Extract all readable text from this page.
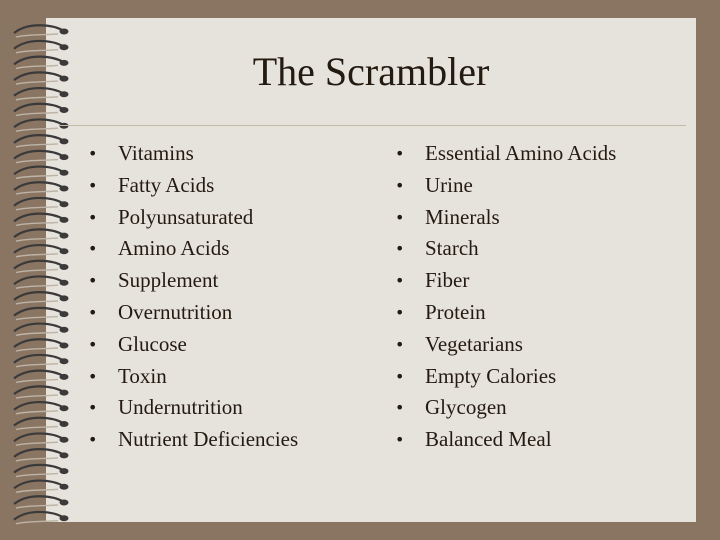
The Scrambler
• Vitamins
• Fatty Acids
• Polyunsaturated
• Amino Acids
• Supplement
• Overnutrition
• Glucose
• Toxin
• Undernutrition
• Nutrient Deficiencies
• Essential Amino Acids
• Urine
• Minerals
• Starch
• Fiber
• Protein
• Vegetarians
• Empty Calories
• Glycogen
• Balanced Meal
